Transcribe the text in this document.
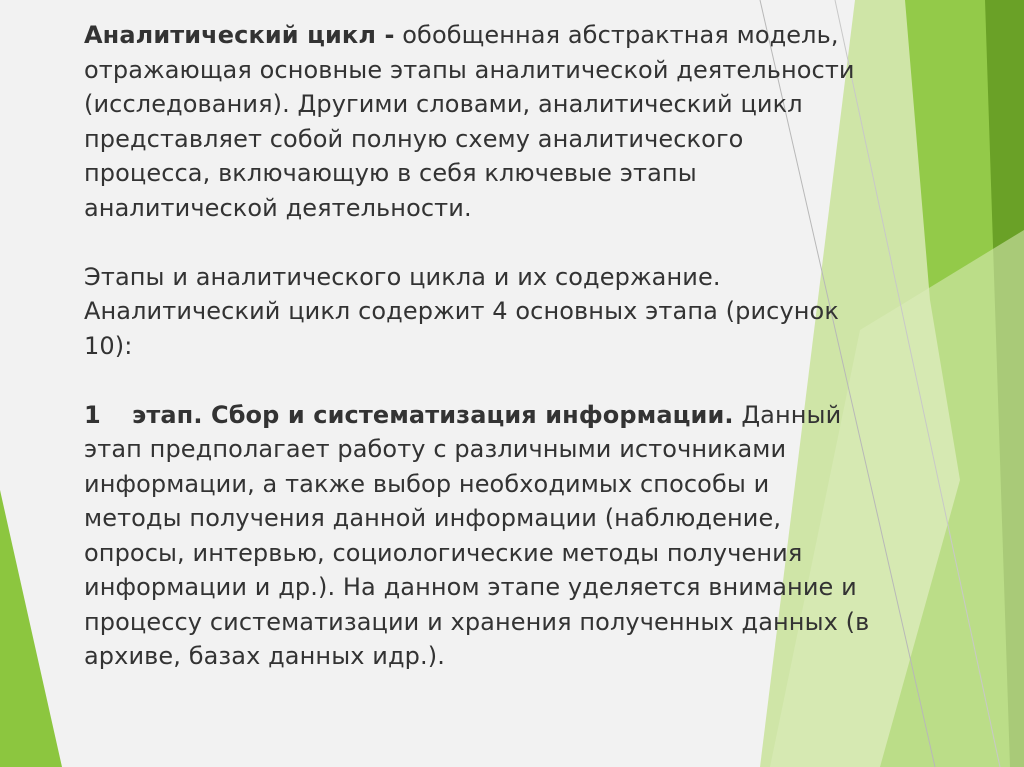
Аналитический цикл - обобщенная абстрактная модель,
отражающая основные этапы аналитической деятельности
(исследования). Другими словами, аналитический цикл
представляет собой полную схему аналитического
процесса, включающую в себя ключевые этапы
аналитической деятельности.

Этапы и аналитического цикла и их содержание.
Аналитический цикл содержит 4 основных этапа (рисунок
10):

1 этап. Сбор и систематизация информации. Данный
этап предполагает работу с различными источниками
информации, а также выбор необходимых способы и
методы получения данной информации (наблюдение,
опросы, интервью, социологические методы получения
информации и др.). На данном этапе уделяется внимание и
процессу систематизации и хранения полученных данных (в
архиве, базах данных идр.).
